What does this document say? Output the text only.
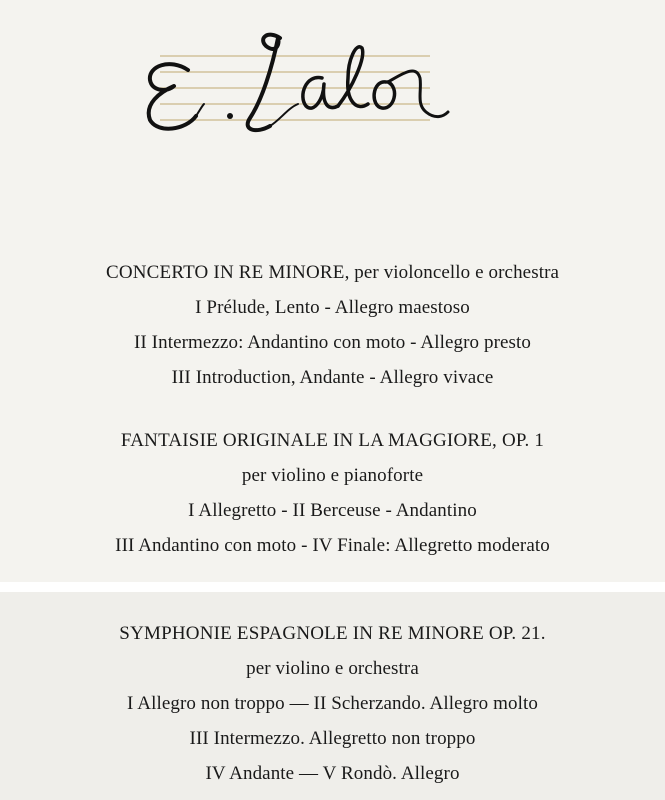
CONCERTO IN RE MINORE, per violoncello e orchestra
I Prélude, Lento - Allegro maestoso
II Intermezzo: Andantino con moto - Allegro presto
III Introduction, Andante - Allegro vivace
FANTAISIE ORIGINALE IN LA MAGGIORE, OP. 1
per violino e pianoforte
I Allegretto - II Berceuse - Andantino
III Andantino con moto - IV Finale: Allegretto moderato
SYMPHONIE ESPAGNOLE IN RE MINORE OP. 21.
per violino e orchestra
I Allegro non troppo — II Scherzando. Allegro molto
III Intermezzo. Allegretto non troppo
IV Andante — V Rondò. Allegro
